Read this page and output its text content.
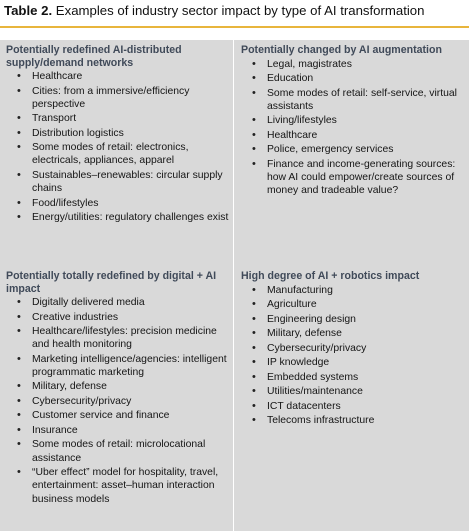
Table 2. Examples of industry sector impact by type of AI transformation
Potentially redefined AI-distributed supply/demand networks
• Healthcare
• Cities: from a immersive/efficiency perspective
• Transport
• Distribution logistics
• Some modes of retail: electronics, electricals, appliances, apparel
• Sustainables–renewables: circular supply chains
• Food/lifestyles
• Energy/utilities: regulatory challenges exist
Potentially changed by AI augmentation
• Legal, magistrates
• Education
• Some modes of retail: self-service, virtual assistants
• Living/lifestyles
• Healthcare
• Police, emergency services
• Finance and income-generating sources: how AI could empower/create sources of money and tradeable value?
Potentially totally redefined by digital + AI impact
• Digitally delivered media
• Creative industries
• Healthcare/lifestyles: precision medicine and health monitoring
• Marketing intelligence/agencies: intelligent programmatic marketing
• Military, defense
• Cybersecurity/privacy
• Customer service and finance
• Insurance
• Some modes of retail: microlocational assistance
• “Uber effect” model for hospitality, travel, entertainment: asset–human interaction business models
High degree of AI + robotics impact
• Manufacturing
• Agriculture
• Engineering design
• Military, defense
• Cybersecurity/privacy
• IP knowledge
• Embedded systems
• Utilities/maintenance
• ICT datacenters
• Telecoms infrastructure
